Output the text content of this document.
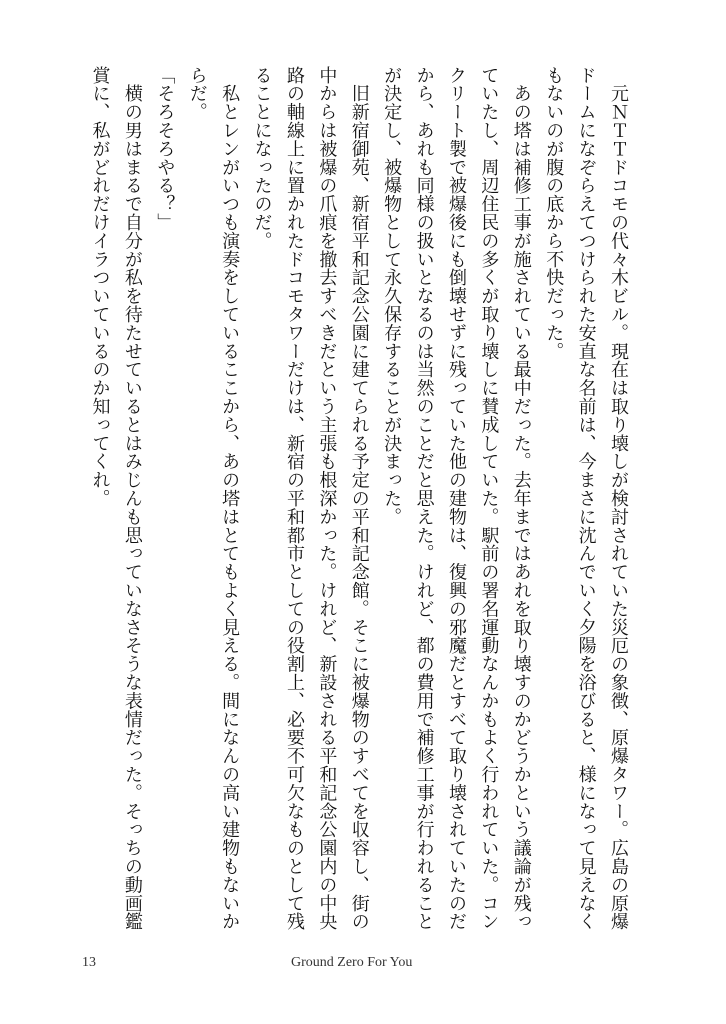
　元ＮＴＴドコモの代々木ビル。現在は取り壊しが検討されていた災厄の象徴、原爆タワー。広島の原爆ドームになぞらえてつけられた安直な名前は、今まさに沈んでいく夕陽を浴びると、様になって見えなくもないのが腹の底から不快だった。

　あの塔は補修工事が施されている最中だった。去年まではあれを取り壊すのかどうかという議論が残っていたし、周辺住民の多くが取り壊しに賛成していた。駅前の署名運動なんかもよく行われていた。コンクリート製で被爆後にも倒壊せずに残っていた他の建物は、復興の邪魔だとすべて取り壊されていたのだから、あれも同様の扱いとなるのは当然のことだと思えた。けれど、都の費用で補修工事が行われることが決定し、被爆物として永久保存することが決まった。

　旧新宿御苑、新宿平和記念公園に建てられる予定の平和記念館。そこに被爆物のすべてを収容し、街の中からは被爆の爪痕を撤去すべきだという主張も根深かった。けれど、新設される平和記念公園内の中央路の軸線上に置かれたドコモタワーだけは、新宿の平和都市としての役割上、必要不可欠なものとして残ることになったのだ。

　私とレンがいつも演奏をしているここから、あの塔はとてもよく見える。間になんの高い建物もないからだ。

「そろそろやる？」

　横の男はまるで自分が私を待たせているとはみじんも思っていなさそうな表情だった。そっちの動画鑑賞に、私がどれだけイラついているのか知ってくれ。

13	Ground Zero For You
